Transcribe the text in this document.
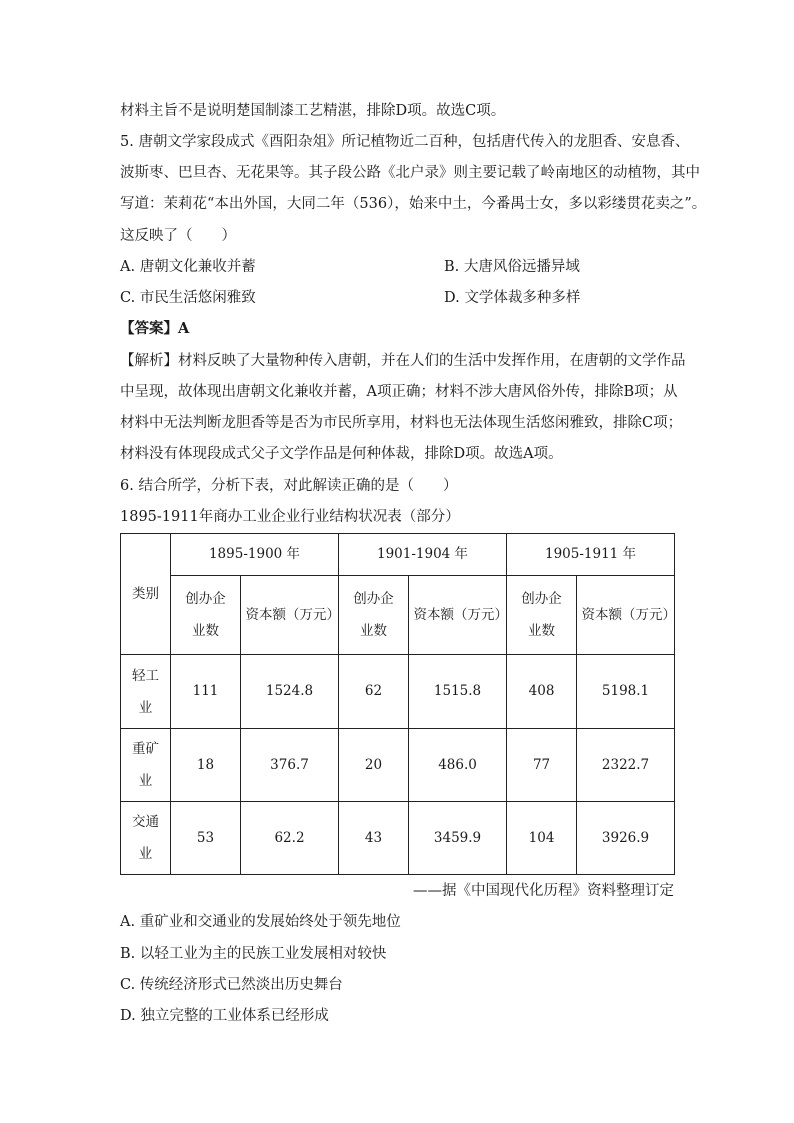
材料主旨不是说明楚国制漆工艺精湛，排除D项。故选C项。
5. 唐朝文学家段成式《酉阳杂俎》所记植物近二百种，包括唐代传入的龙胆香、安息香、
波斯枣、巴旦杏、无花果等。其子段公路《北户录》则主要记载了岭南地区的动植物，其中
写道：茉莉花“本出外国，大同二年（536），始来中土，今番禺士女，多以彩缕贯花卖之”。
这反映了（　　）
A. 唐朝文化兼收并蓄	B. 大唐风俗远播异域
C. 市民生活悠闲雅致	D. 文学体裁多种多样
【答案】A
【解析】材料反映了大量物种传入唐朝，并在人们的生活中发挥作用，在唐朝的文学作品
中呈现，故体现出唐朝文化兼收并蓄，A项正确；材料不涉大唐风俗外传，排除B项；从
材料中无法判断龙胆香等是否为市民所享用，材料也无法体现生活悠闲雅致，排除C项；
材料没有体现段成式父子文学作品是何种体裁，排除D项。故选A项。
6. 结合所学，分析下表，对此解读正确的是（　　）
1895-1911年商办工业企业行业结构状况表（部分）
类别	1895-1900 年		1901-1904 年		1905-1911 年	
	创办企业数	资本额（万元）	创办企业数	资本额（万元）	创办企业数	资本额（万元）
轻工业	111	1524.8	62	1515.8	408	5198.1
重矿业	18	376.7	20	486.0	77	2322.7
交通业	53	62.2	43	3459.9	104	3926.9
——据《中国现代化历程》资料整理订定
A. 重矿业和交通业的发展始终处于领先地位
B. 以轻工业为主的民族工业发展相对较快
C. 传统经济形式已然淡出历史舞台
D. 独立完整的工业体系已经形成
